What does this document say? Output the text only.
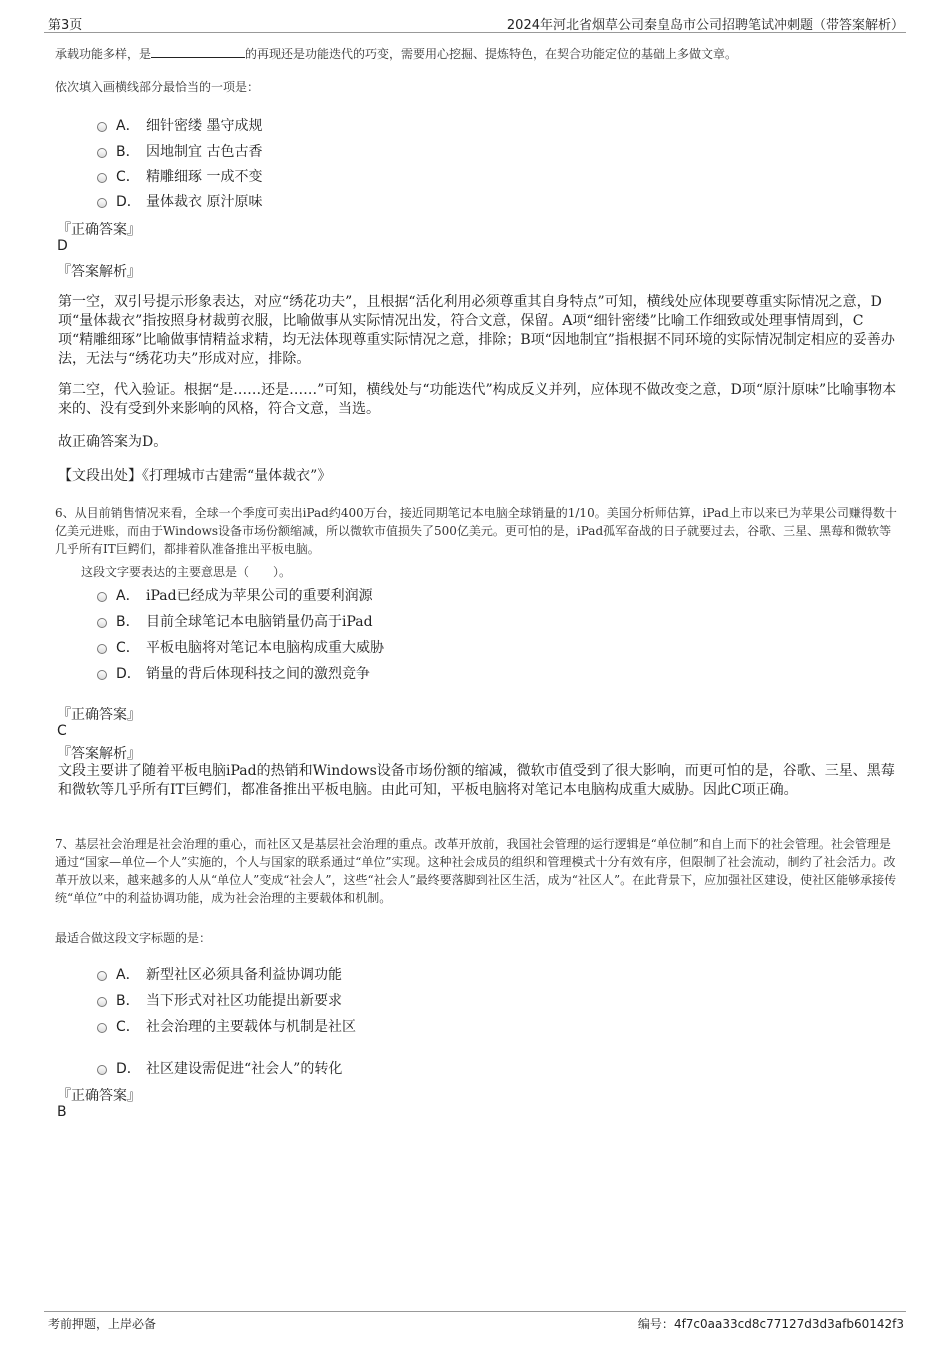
第3页	2024年河北省烟草公司秦皇岛市公司招聘笔试冲刺题（带答案解析）
承载功能多样，是	的再现还是功能迭代的巧变，需要用心挖掘、提炼特色，在契合功能定位的基础上多做文章。
依次填入画横线部分最恰当的一项是：
A． 细针密缕 墨守成规
B． 因地制宜 古色古香
C． 精雕细琢 一成不变
D． 量体裁衣 原汁原味
『正确答案』
D
『答案解析』
第一空，双引号提示形象表达，对应“绣花功夫”，且根据“活化利用必须尊重其自身特点”可知，横线处应体现要尊重实际情况之意，D项“量体裁衣”指按照身材裁剪衣服，比喻做事从实际情况出发，符合文意，保留。A项“细针密缕”比喻工作细致或处理事情周到，C项“精雕细琢”比喻做事情精益求精，均无法体现尊重实际情况之意，排除；B项“因地制宜”指根据不同环境的实际情况制定相应的妥善办法，无法与“绣花功夫”形成对应，排除。
第二空，代入验证。根据“是……还是……”可知，横线处与“功能迭代”构成反义并列，应体现不做改变之意，D项“原汁原味”比喻事物本来的、没有受到外来影响的风格，符合文意，当选。
故正确答案为D。
【文段出处】《打理城市古建需“量体裁衣”》
6、从目前销售情况来看，全球一个季度可卖出iPad约400万台，接近同期笔记本电脑全球销量的1/10。美国分析师估算，iPad上市以来已为苹果公司赚得数十亿美元进账，而由于Windows设备市场份额缩减，所以微软市值损失了500亿美元。更可怕的是，iPad孤军奋战的日子就要过去，谷歌、三星、黑莓和微软等几乎所有IT巨鳄们，都排着队准备推出平板电脑。
这段文字要表达的主要意思是（　　）。
A． iPad已经成为苹果公司的重要利润源
B． 目前全球笔记本电脑销量仍高于iPad
C． 平板电脑将对笔记本电脑构成重大威胁
D． 销量的背后体现科技之间的激烈竞争
『正确答案』
C
『答案解析』
文段主要讲了随着平板电脑iPad的热销和Windows设备市场份额的缩减，微软市值受到了很大影响，而更可怕的是，谷歌、三星、黑莓和微软等几乎所有IT巨鳄们，都准备推出平板电脑。由此可知，平板电脑将对笔记本电脑构成重大威胁。因此C项正确。
7、基层社会治理是社会治理的重心，而社区又是基层社会治理的重点。改革开放前，我国社会管理的运行逻辑是“单位制”和自上而下的社会管理。社会管理是通过“国家—单位—个人”实施的，个人与国家的联系通过“单位”实现。这种社会成员的组织和管理模式十分有效有序，但限制了社会流动，制约了社会活力。改革开放以来，越来越多的人从“单位人”变成“社会人”，这些“社会人”最终要落脚到社区生活，成为“社区人”。在此背景下，应加强社区建设，使社区能够承接传统“单位”中的利益协调功能，成为社会治理的主要载体和机制。
最适合做这段文字标题的是：
A． 新型社区必须具备利益协调功能
B． 当下形式对社区功能提出新要求
C． 社会治理的主要载体与机制是社区
D． 社区建设需促进“社会人”的转化
『正确答案』
B
考前押题，上岸必备	编号：4f7c0aa33cd8c77127d3d3afb60142f3
